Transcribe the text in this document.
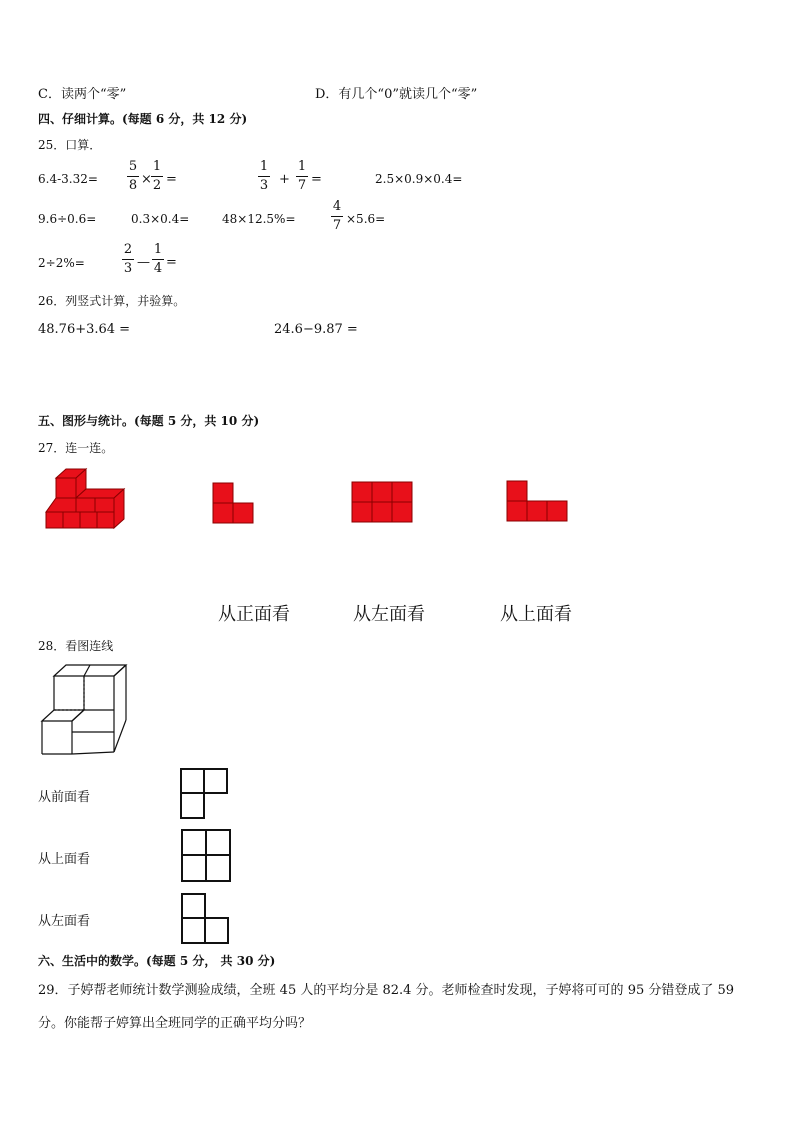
C．读两个“零”	D．有几个“0”就读几个“零”
四、仔细计算。(每题 6 分，共 12 分)
25．口算．
6.4-3.32=
5
8 ×
1
2 =
1
3 +
1
7 =	2.5×0.9×0.4=
9.6÷0.6=	0.3×0.4=	48×12.5%=
4
7 ×5.6=
2÷2%=
2
3 —
1
4 =
26．列竖式计算，并验算。
48.76+3.64 =	24.6−9.87 =
五、图形与统计。(每题 5 分，共 10 分)
27．连一连。
从正面看	从左面看	从上面看
28．看图连线
从前面看
从上面看
从左面看
六、生活中的数学。(每题 5 分， 共 30 分)
29．子婷帮老师统计数学测验成绩，全班 45 人的平均分是 82.4 分。老师检查时发现，子婷将可可的 95 分错登成了 59
分。你能帮子婷算出全班同学的正确平均分吗？
